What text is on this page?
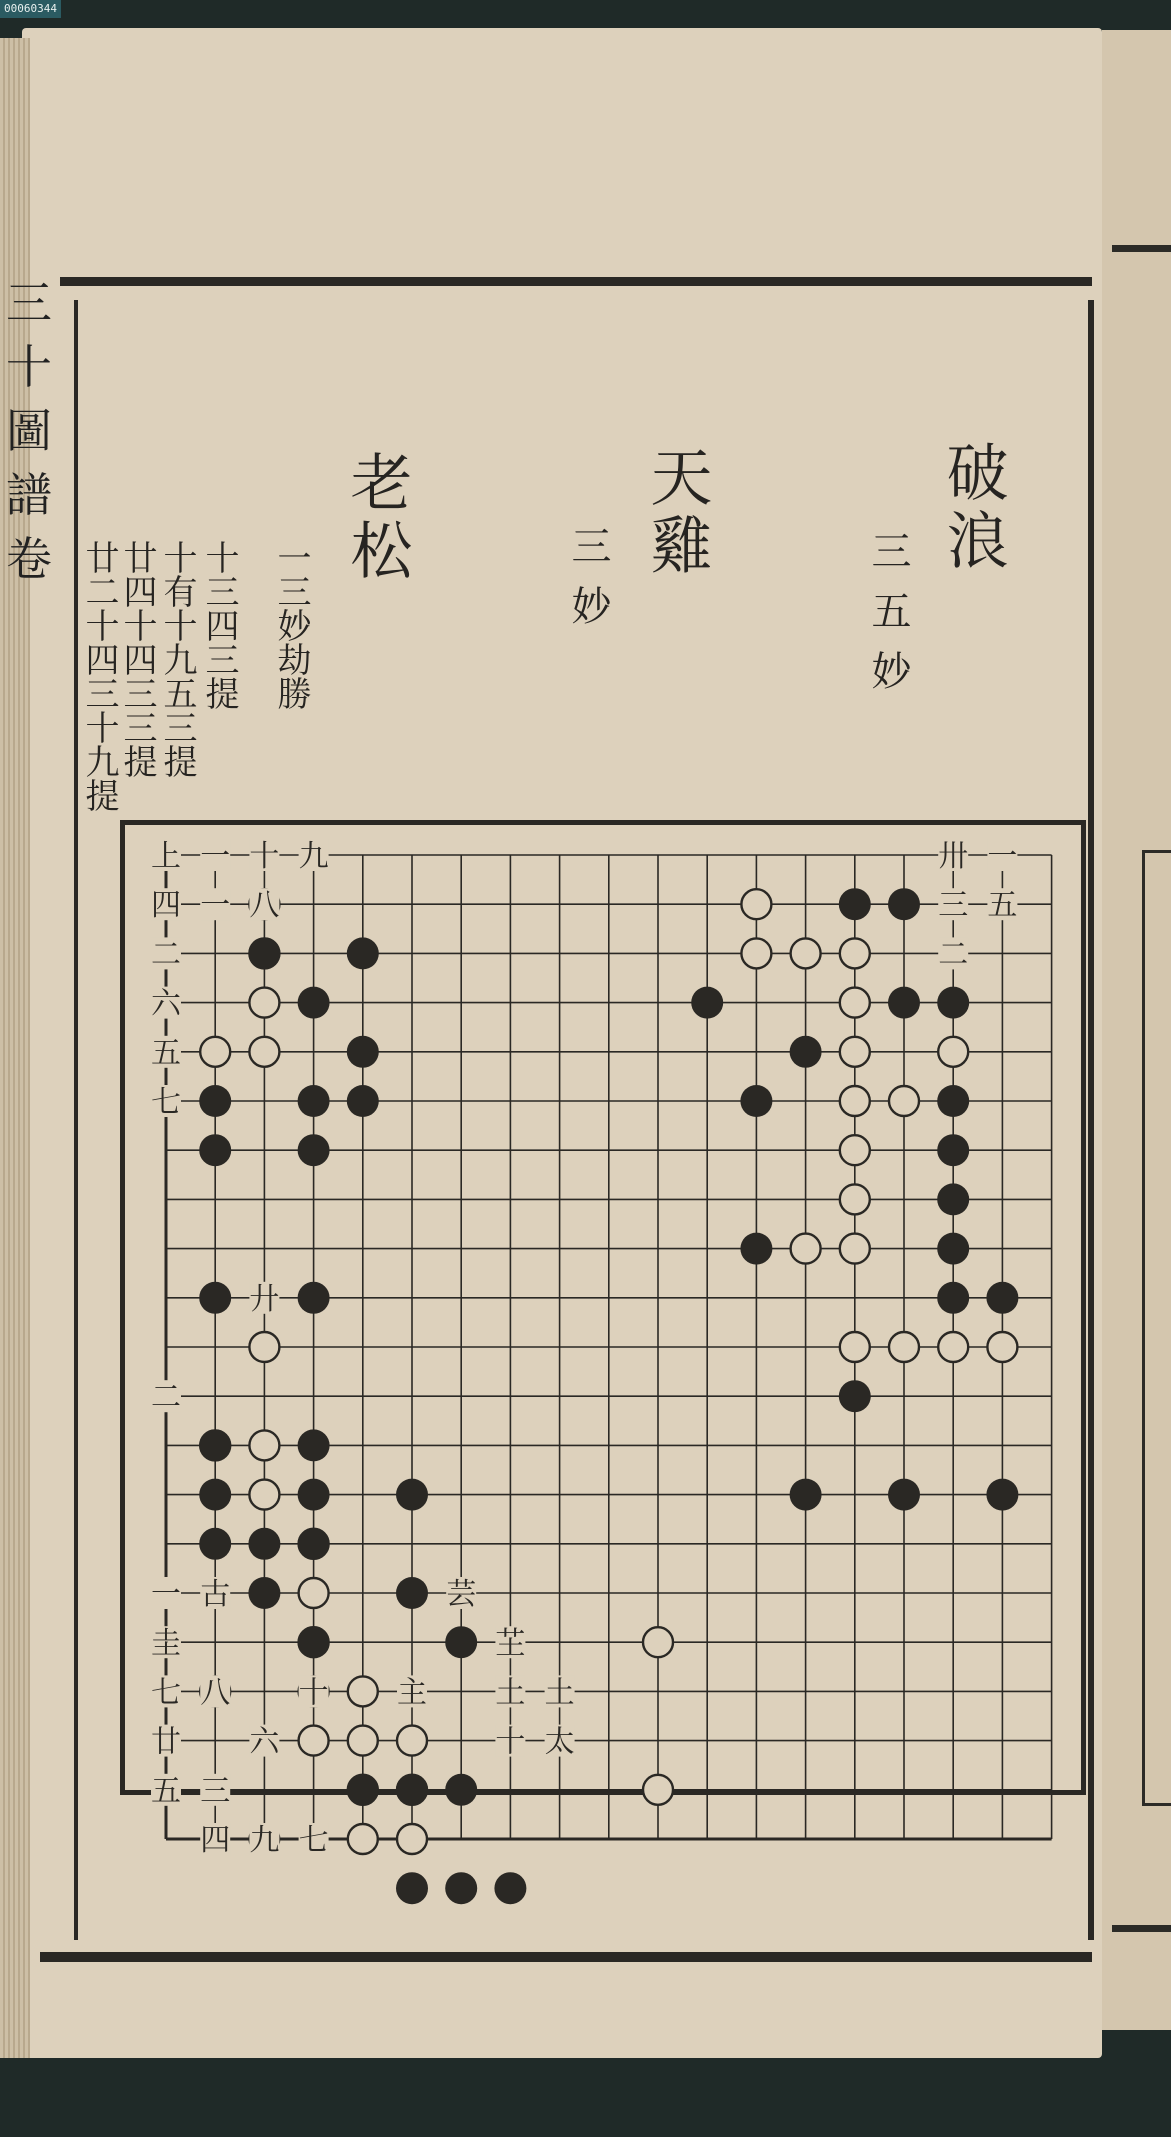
00060344
三
十
圖
譜
卷	破浪
三五妙
天雞
三妙
老松
一三妙劫勝
十三四三提
十有十九五三提
廿四十四三三提
廿二十四三十九提
上 一 十 九
四 一 八
二
六
五
七
卅 一
三 五
二
廾
二
一
圭
七
廿
五 三
四 九 七
古
八
六
十
芸
芏
土 土
十 太
主
